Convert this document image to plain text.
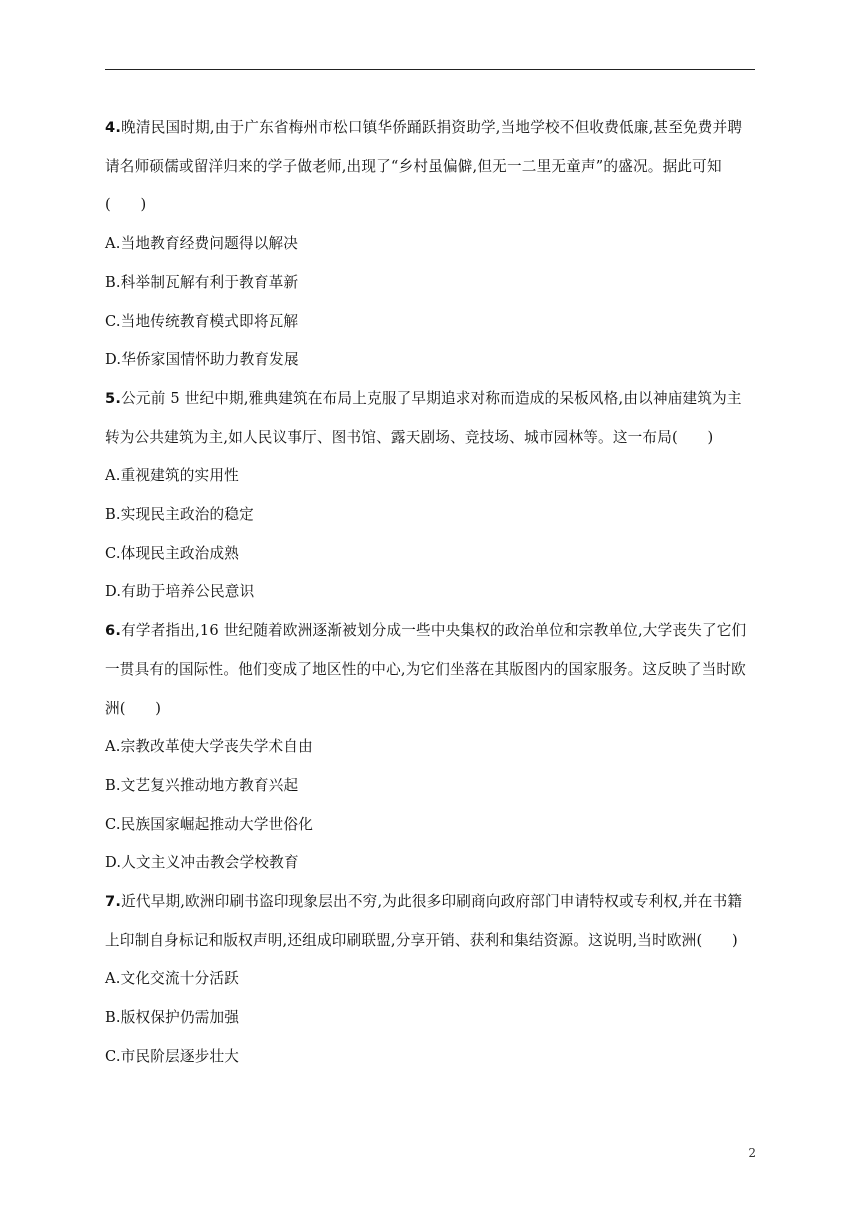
4.晚清民国时期,由于广东省梅州市松口镇华侨踊跃捐资助学,当地学校不但收费低廉,甚至免费并聘请名师硕儒或留洋归来的学子做老师,出现了“乡村虽偏僻,但无一二里无童声”的盛况。据此可知(　　)

A.当地教育经费问题得以解决

B.科举制瓦解有利于教育革新

C.当地传统教育模式即将瓦解

D.华侨家国情怀助力教育发展

5.公元前 5 世纪中期,雅典建筑在布局上克服了早期追求对称而造成的呆板风格,由以神庙建筑为主转为公共建筑为主,如人民议事厅、图书馆、露天剧场、竞技场、城市园林等。这一布局(　　)

A.重视建筑的实用性

B.实现民主政治的稳定

C.体现民主政治成熟

D.有助于培养公民意识

6.有学者指出,16 世纪随着欧洲逐渐被划分成一些中央集权的政治单位和宗教单位,大学丧失了它们一贯具有的国际性。他们变成了地区性的中心,为它们坐落在其版图内的国家服务。这反映了当时欧洲(　　)

A.宗教改革使大学丧失学术自由

B.文艺复兴推动地方教育兴起

C.民族国家崛起推动大学世俗化

D.人文主义冲击教会学校教育

7.近代早期,欧洲印刷书盗印现象层出不穷,为此很多印刷商向政府部门申请特权或专利权,并在书籍上印制自身标记和版权声明,还组成印刷联盟,分享开销、获利和集结资源。这说明,当时欧洲(　　)

A.文化交流十分活跃

B.版权保护仍需加强

C.市民阶层逐步壮大

2
